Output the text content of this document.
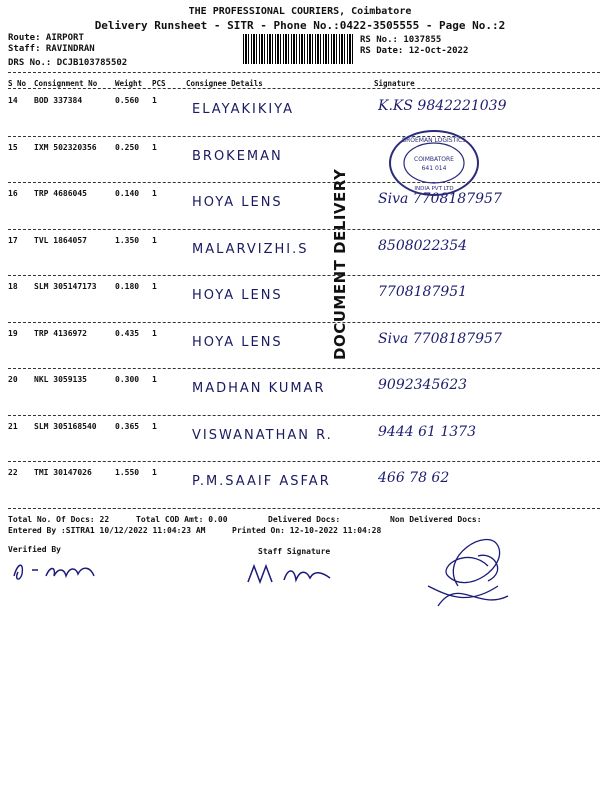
THE PROFESSIONAL COURIERS, Coimbatore
Delivery Runsheet - SITR - Phone No.:0422-3505555 - Page No.:2
Route: AIRPORT
Staff: RAVINDRAN
DRS No.: DCJB103785502
RS No.: 1037855
RS Date: 12-Oct-2022
S No Consignment No Weight PCS	Consignee Details	Signature
14 BOD 337384	0.560 1
ELAYAKIKIYA	K.KS 9842221039
15 IXM 502320356 0.250 1
BROKEMAN
16 TRP 4686045	0.140 1
HOYA LENS	Siva 7708187957
17 TVL 1864057	1.350 1
MALARVIZHI.S	8508022354
18 SLM 305147173 0.180 1
HOYA LENS	7708187951
19 TRP 4136972	0.435 1
HOYA LENS	Siva 7708187957
20 NKL 3059135	0.300 1
MADHAN KUMAR	9092345623
21 SLM 305168540 0.365 1
VISWANATHAN R.	9444 61 1373
22 TMI 30147026	1.550 1
P.M.SAAIF ASFAR	466 78 62
DOCUMENT DELIVERY
BROEMAN LOGISTICS
COIMBATORE
641 014
INDIA PVT LTD
Total No. Of Docs: 22	Total COD Amt: 0.00	Delivered Docs:	Non Delivered Docs:
Entered By :SITRA1 10/12/2022 11:04:23 AM	Printed On: 12-10-2022 11:04:28
Verified By	Staff Signature
